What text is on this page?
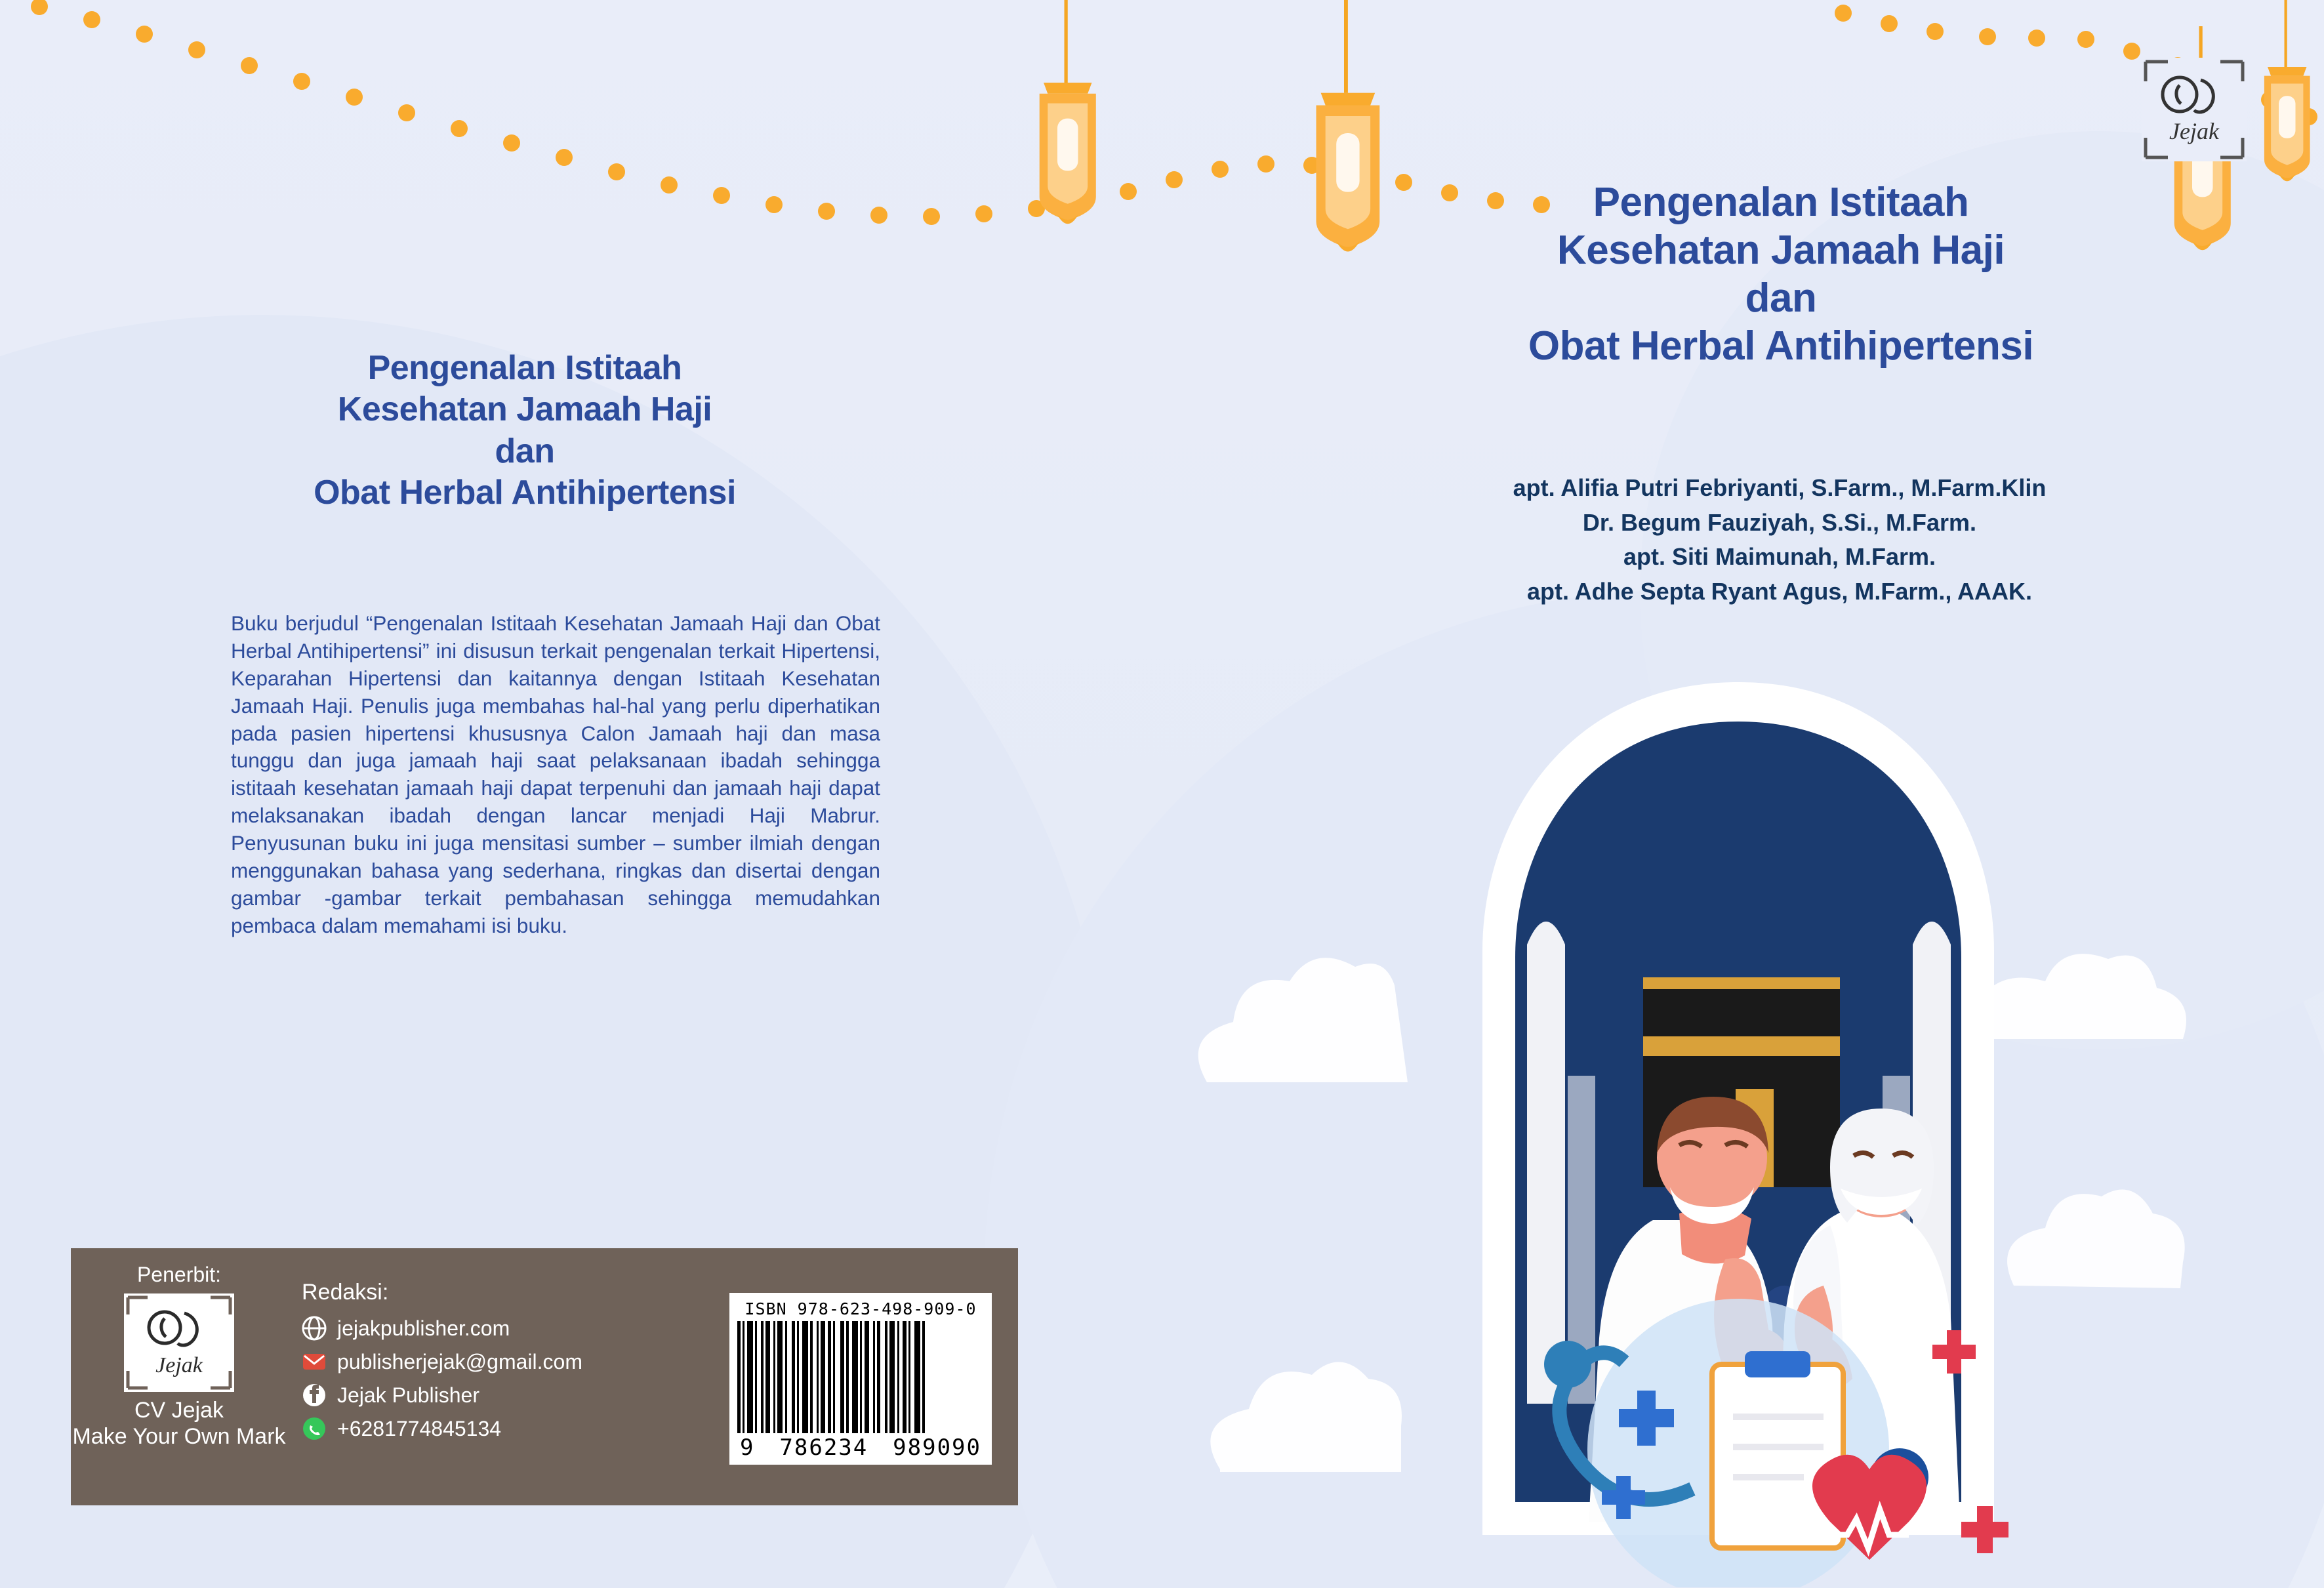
Pengenalan Istitaah
Kesehatan Jamaah Haji
dan
Obat Herbal Antihipertensi
Buku berjudul “Pengenalan Istitaah Kesehatan Jamaah Haji dan Obat Herbal Antihipertensi” ini disusun terkait pengenalan terkait Hipertensi, Keparahan Hipertensi dan kaitannya dengan Istitaah Kesehatan Jamaah Haji. Penulis juga membahas hal-hal yang perlu diperhatikan pada pasien hipertensi khususnya Calon Jamaah haji dan masa tunggu dan juga jamaah haji saat pelaksanaan ibadah sehingga istitaah kesehatan jamaah haji dapat terpenuhi dan jamaah haji dapat melaksanakan ibadah dengan lancar menjadi Haji Mabrur. Penyusunan buku ini juga mensitasi sumber – sumber ilmiah dengan menggunakan bahasa yang sederhana, ringkas dan disertai dengan gambar -gambar terkait pembahasan sehingga memudahkan pembaca dalam memahami isi buku.
Jejak
Pengenalan Istitaah
Kesehatan Jamaah Haji
dan
Obat Herbal Antihipertensi
apt. Alifia Putri Febriyanti, S.Farm., M.Farm.Klin
Dr. Begum Fauziyah, S.Si., M.Farm.
apt. Siti Maimunah, M.Farm.
apt. Adhe Septa Ryant Agus, M.Farm., AAAK.
Penerbit:
Jejak
CV Jejak
Make Your Own Mark
Redaksi:
jejakpublisher.com
publisherjejak@gmail.com
Jejak Publisher
+6281774845134
ISBN 978-623-498-909-0
9 786234 989090
